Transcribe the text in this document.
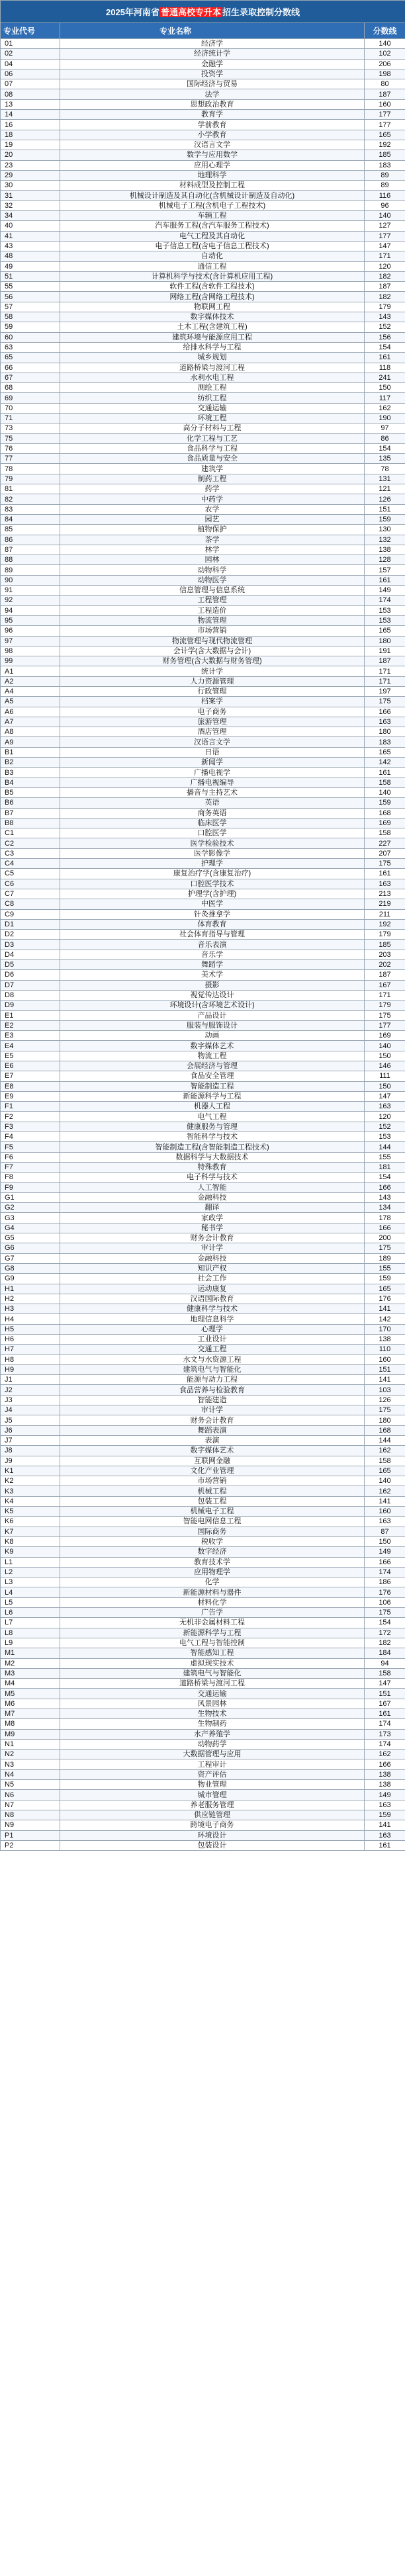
2025年河南省 普通高校专升本 招生录取控制分数线		
专业代号	专业名称	分数线
01	经济学	140
02	经济统计学	102
04	金融学	206
06	投资学	198
07	国际经济与贸易	80
08	法学	187
13	思想政治教育	160
14	教育学	177
16	学前教育	177
18	小学教育	165
19	汉语言文学	192
20	数学与应用数学	185
23	应用心理学	183
29	地理科学	89
30	材料成型及控制工程	89
31	机械设计制造及其自动化(含机械设计制造及自动化)	116
32	机械电子工程(含机电子工程技术)	96
34	车辆工程	140
40	汽车服务工程(含汽车服务工程技术)	127
41	电气工程及其自动化	177
43	电子信息工程(含电子信息工程技术)	147
48	自动化	171
49	通信工程	120
51	计算机科学与技术(含计算机应用工程)	182
55	软件工程(含软件工程技术)	187
56	网络工程(含网络工程技术)	182
57	物联网工程	179
58	数字媒体技术	143
59	土木工程(含建筑工程)	152
60	建筑环境与能源应用工程	156
63	给排水科学与工程	154
65	城乡规划	161
66	道路桥梁与渡河工程	118
67	水利水电工程	241
68	测绘工程	150
69	纺织工程	117
70	交通运输	162
71	环境工程	190
73	高分子材料与工程	97
75	化学工程与工艺	86
76	食品科学与工程	154
77	食品质量与安全	135
78	建筑学	78
79	制药工程	131
81	药学	121
82	中药学	126
83	农学	151
84	园艺	159
85	植物保护	130
86	茶学	132
87	林学	138
88	园林	128
89	动物科学	157
90	动物医学	161
91	信息管理与信息系统	149
92	工程管理	174
94	工程造价	153
95	物流管理	153
96	市场营销	165
97	物流管理与现代物流管理	180
98	会计学(含大数据与会计)	191
99	财务管理(含大数据与财务管理)	187
A1	统计学	171
A2	人力资源管理	171
A4	行政管理	197
A5	档案学	175
A6	电子商务	166
A7	旅游管理	163
A8	酒店管理	180
A9	汉语言文学	183
B1	日语	165
B2	新闻学	142
B3	广播电视学	161
B4	广播电视编导	158
B5	播音与主持艺术	140
B6	英语	159
B7	商务英语	168
B8	临床医学	169
C1	口腔医学	158
C2	医学检验技术	227
C3	医学影像学	207
C4	护理学	175
C5	康复治疗学(含康复治疗)	161
C6	口腔医学技术	163
C7	护理学(含护理)	213
C8	中医学	219
C9	针灸推拿学	211
D1	体育教育	192
D2	社会体育指导与管理	179
D3	音乐表演	185
D4	音乐学	203
D5	舞蹈学	202
D6	美术学	187
D7	摄影	167
D8	视觉传达设计	171
D9	环境设计(含环境艺术设计)	179
E1	产品设计	175
E2	服装与服饰设计	177
E3	动画	169
E4	数字媒体艺术	140
E5	物流工程	150
E6	会展经济与管理	146
E7	食品安全管理	111
E8	智能制造工程	150
E9	新能源科学与工程	147
F1	机器人工程	163
F2	电气工程	120
F3	健康服务与管理	152
F4	智能科学与技术	153
F5	智能制造工程(含智能制造工程技术)	144
F6	数据科学与大数据技术	155
F7	特殊教育	181
F8	电子科学与技术	154
F9	人工智能	166
G1	金融科技	143
G2	翻译	134
G3	家政学	178
G4	秘书学	166
G5	财务会计教育	200
G6	审计学	175
G7	金融科技	189
G8	知识产权	155
G9	社会工作	159
H1	运动康复	165
H2	汉语国际教育	176
H3	健康科学与技术	141
H4	地理信息科学	142
H5	心理学	170
H6	工业设计	138
H7	交通工程	110
H8	水文与水资源工程	160
H9	建筑电气与智能化	151
J1	能源与动力工程	141
J2	食品营养与检验教育	103
J3	智能建造	126
J4	审计学	175
J5	财务会计教育	180
J6	舞蹈表演	168
J7	表演	144
J8	数字媒体艺术	162
J9	互联网金融	158
K1	文化产业管理	165
K2	市场营销	140
K3	机械工程	162
K4	包装工程	141
K5	机械电子工程	160
K6	智能电网信息工程	163
K7	国际商务	87
K8	税收学	150
K9	数字经济	149
L1	教育技术学	166
L2	应用物理学	174
L3	化学	186
L4	新能源材料与器件	176
L5	材料化学	106
L6	广告学	175
L7	无机非金属材料工程	154
L8	新能源科学与工程	172
L9	电气工程与智能控制	182
M1	智能感知工程	184
M2	虚拟现实技术	94
M3	建筑电气与智能化	158
M4	道路桥梁与渡河工程	147
M5	交通运输	151
M6	风景园林	167
M7	生物技术	161
M8	生物制药	174
M9	水产养殖学	173
N1	动物药学	174
N2	大数据管理与应用	162
N3	工程审计	166
N4	资产评估	138
N5	物业管理	138
N6	城市管理	149
N7	养老服务管理	163
N8	供应链管理	159
N9	跨境电子商务	141
P1	环境设计	163
P2	包装设计	161
